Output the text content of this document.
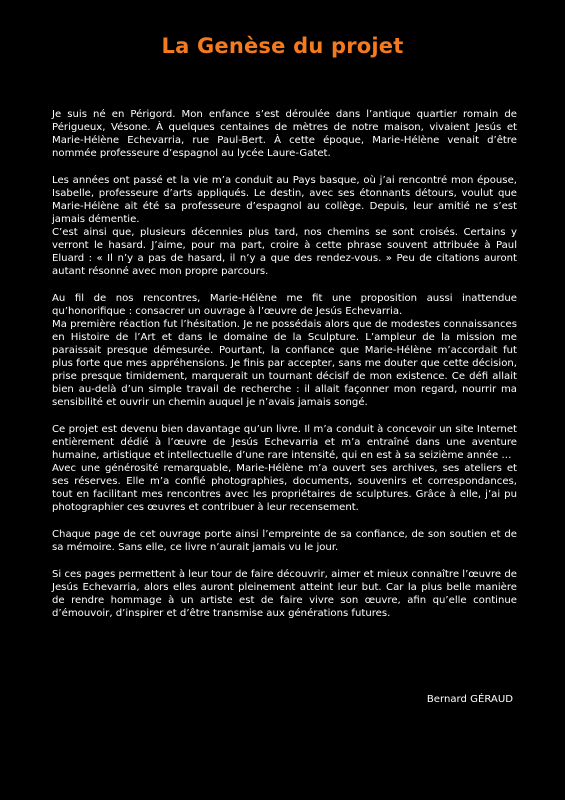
La Genèse du projet

Je suis né en Périgord. Mon enfance s’est déroulée dans l’antique quartier romain de Périgueux, Vésone. À quelques centaines de mètres de notre maison, vivaient Jesús et Marie-Hélène Echevarria, rue Paul-Bert. À cette époque, Marie-Hélène venait d’être nommée professeure d’espagnol au lycée Laure-Gatet.

Les années ont passé et la vie m’a conduit au Pays basque, où j’ai rencontré mon épouse, Isabelle, professeure d’arts appliqués. Le destin, avec ses étonnants détours, voulut que Marie-Hélène ait été sa professeure d’espagnol au collège. Depuis, leur amitié ne s’est jamais démentie.

C’est ainsi que, plusieurs décennies plus tard, nos chemins se sont croisés. Certains y verront le hasard. J’aime, pour ma part, croire à cette phrase souvent attribuée à Paul Eluard : « Il n’y a pas de hasard, il n’y a que des rendez-vous. » Peu de citations auront autant résonné avec mon propre parcours.

Au fil de nos rencontres, Marie-Hélène me fit une proposition aussi inattendue qu’honorifique : consacrer un ouvrage à l’œuvre de Jesús Echevarria.

Ma première réaction fut l’hésitation. Je ne possédais alors que de modestes connaissances en Histoire de l’Art et dans le domaine de la Sculpture. L’ampleur de la mission me paraissait presque démesurée. Pourtant, la confiance que Marie-Hélène m’accordait fut plus forte que mes appréhensions. Je finis par accepter, sans me douter que cette décision, prise presque timidement, marquerait un tournant décisif de mon existence. Ce défi allait bien au-delà d’un simple travail de recherche : il allait façonner mon regard, nourrir ma sensibilité et ouvrir un chemin auquel je n’avais jamais songé.

Ce projet est devenu bien davantage qu’un livre. Il m’a conduit à concevoir un site Internet entièrement dédié à l’œuvre de Jesús Echevarria et m’a entraîné dans une aventure humaine, artistique et intellectuelle d’une rare intensité, qui en est à sa seizième année …

Avec une générosité remarquable, Marie-Hélène m’a ouvert ses archives, ses ateliers et ses réserves. Elle m’a confié photographies, documents, souvenirs et correspondances, tout en facilitant mes rencontres avec les propriétaires de sculptures. Grâce à elle, j’ai pu photographier ces œuvres et contribuer à leur recensement.

Chaque page de cet ouvrage porte ainsi l’empreinte de sa confiance, de son soutien et de sa mémoire. Sans elle, ce livre n’aurait jamais vu le jour.

Si ces pages permettent à leur tour de faire découvrir, aimer et mieux connaître l’œuvre de Jesús Echevarria, alors elles auront pleinement atteint leur but. Car la plus belle manière de rendre hommage à un artiste est de faire vivre son œuvre, afin qu’elle continue d’émouvoir, d’inspirer et d’être transmise aux générations futures.

Bernard GÉRAUD
